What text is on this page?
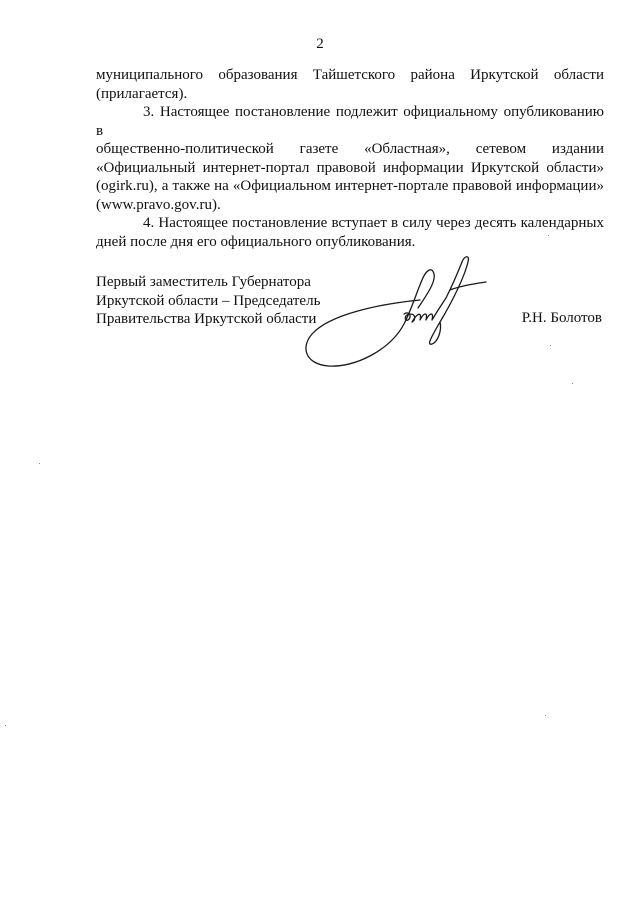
2

муниципального образования Тайшетского района Иркутской области
(прилагается).

3. Настоящее постановление подлежит официальному опубликованию в
общественно-политической газете «Областная», сетевом издании
«Официальный интернет-портал правовой информации Иркутской области»
(ogirk.ru), а также на «Официальном интернет-портале правовой информации»
(www.pravo.gov.ru).

4. Настоящее постановление вступает в силу через десять календарных
дней после дня его официального опубликования.

Первый заместитель Губернатора
Иркутской области – Председатель
Правительства Иркутской области	Р.Н. Болотов
